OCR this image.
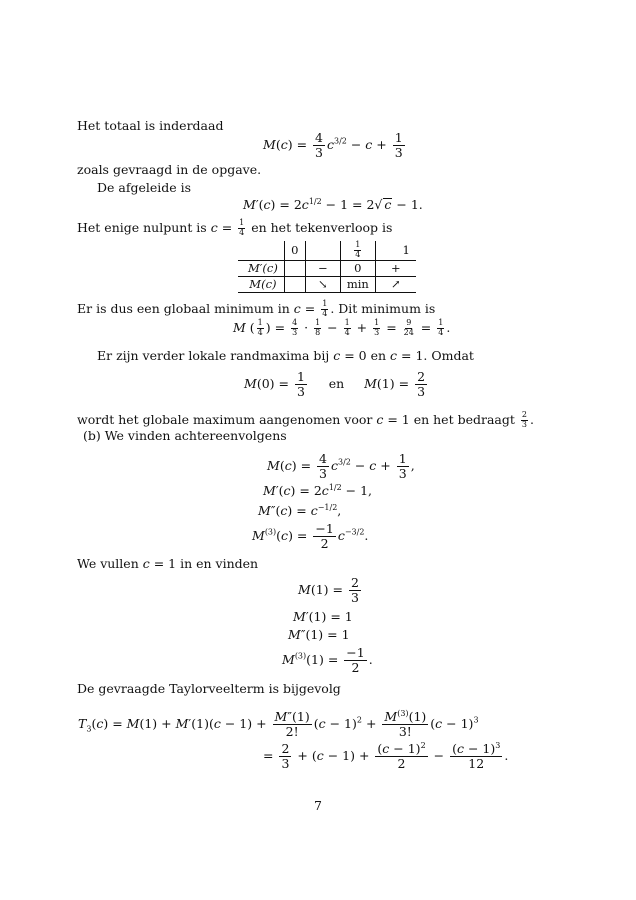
Het totaal is inderdaad
$M(c) = \frac{4}{3} c^{3/2} - c + \frac{1}{3}$
zoals gevraagd in de opgave.
De afgeleide is
$M'(c) = 2c^{1/2} - 1 = 2√$ c − 1.
Het enige nulpunt is $c = \frac{1}{4}$ en het tekenverloop is
	0		$\frac{1}{4}$	1
M′(c)		−	0	+
M(c)		↘	min	↗
Er is dus een globaal minimum in $c = \frac{1}{4}$ . Dit minimum is
M ( $\frac{1}{4}$ ) = $\frac{4}{3} \cdot \frac{1}{8} - \frac{1}{4} + \frac{1}{3} = \frac{9}{24} = \frac{1}{4}$ .
Er zijn verder lokale randmaxima bij c = 0 en c = 1. Omdat
$M(0) = \frac{1}{3}$ en $M(1) = \frac{2}{3}$
wordt het globale maximum aangenomen voor c = 1 en het bedraagt $\frac{2}{3}$ .
(b) We vinden achtereenvolgens
$M(c) = \frac{4}{3} c^{3/2} - c + \frac{1}{3}$ ,
$M'(c) = 2c^{1/2} - 1$,
$M''(c) = c^{-1/2}$,
$M^{(3)}(c) = \frac{-1}{2} c^{-3/2}$.
We vullen c = 1 in en vinden
$M(1) = \frac{2}{3}$
M′(1) = 1
M″(1) = 1
$M^{(3)}(1) = \frac{-1}{2}$ .
De gevraagde Taylorveelterm is bijgevolg
$T_3(c) = M(1) + M'(1)(c - 1) + \frac{M''(1)}{2!} (c - 1)^2 + \frac{M^{(3)}(1)}{3!} (c - 1)^3$
= $\frac{2}{3} + (c - 1) + \frac{(c - 1)^2}{2} - \frac{(c - 1)^3}{12}$ .
7
